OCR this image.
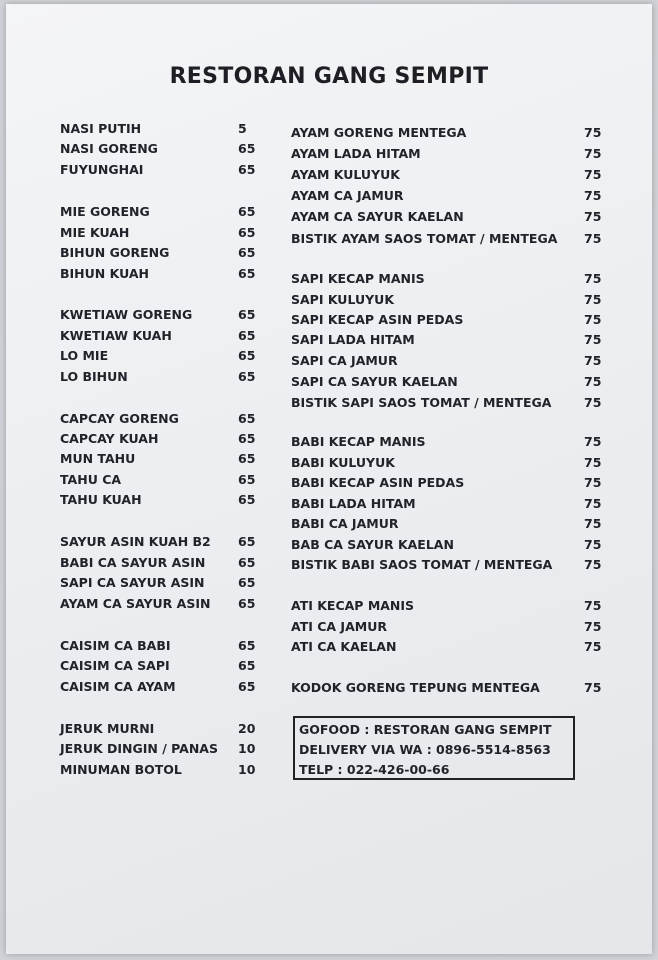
RESTORAN GANG SEMPIT
NASI PUTIH	5
NASI GORENG	65
FUYUNGHAI	65
MIE GORENG	65
MIE KUAH	65
BIHUN GORENG	65
BIHUN KUAH	65
KWETIAW GORENG	65
KWETIAW KUAH	65
LO MIE	65
LO BIHUN	65
CAPCAY GORENG	65
CAPCAY KUAH	65
MUN TAHU	65
TAHU CA	65
TAHU KUAH	65
SAYUR ASIN KUAH B2 65
BABI CA SAYUR ASIN	65
SAPI CA SAYUR ASIN	65
AYAM CA SAYUR ASIN 65
CAISIM CA BABI	65
CAISIM CA SAPI	65
CAISIM CA AYAM	65
JERUK MURNI	20
JERUK DINGIN / PANAS 10
MINUMAN BOTOL	10
AYAM GORENG MENTEGA	75
AYAM LADA HITAM	75
AYAM KULUYUK	75
AYAM CA JAMUR	75
AYAM CA SAYUR KAELAN	75
BISTIK AYAM SAOS TOMAT / MENTEGA 75
SAPI KECAP MANIS	75
SAPI KULUYUK	75
SAPI KECAP ASIN PEDAS	75
SAPI LADA HITAM	75
SAPI CA JAMUR	75
SAPI CA SAYUR KAELAN	75
BISTIK SAPI SAOS TOMAT / MENTEGA	75
BABI KECAP MANIS	75
BABI KULUYUK	75
BABI KECAP ASIN PEDAS	75
BABI LADA HITAM	75
BABI CA JAMUR	75
BAB CA SAYUR KAELAN	75
BISTIK BABI SAOS TOMAT / MENTEGA	75
ATI KECAP MANIS	75
ATI CA JAMUR	75
ATI CA KAELAN	75
KODOK GORENG TEPUNG MENTEGA	75
GOFOOD : RESTORAN GANG SEMPIT
DELIVERY VIA WA : 0896-5514-8563
TELP : 022-426-00-66
